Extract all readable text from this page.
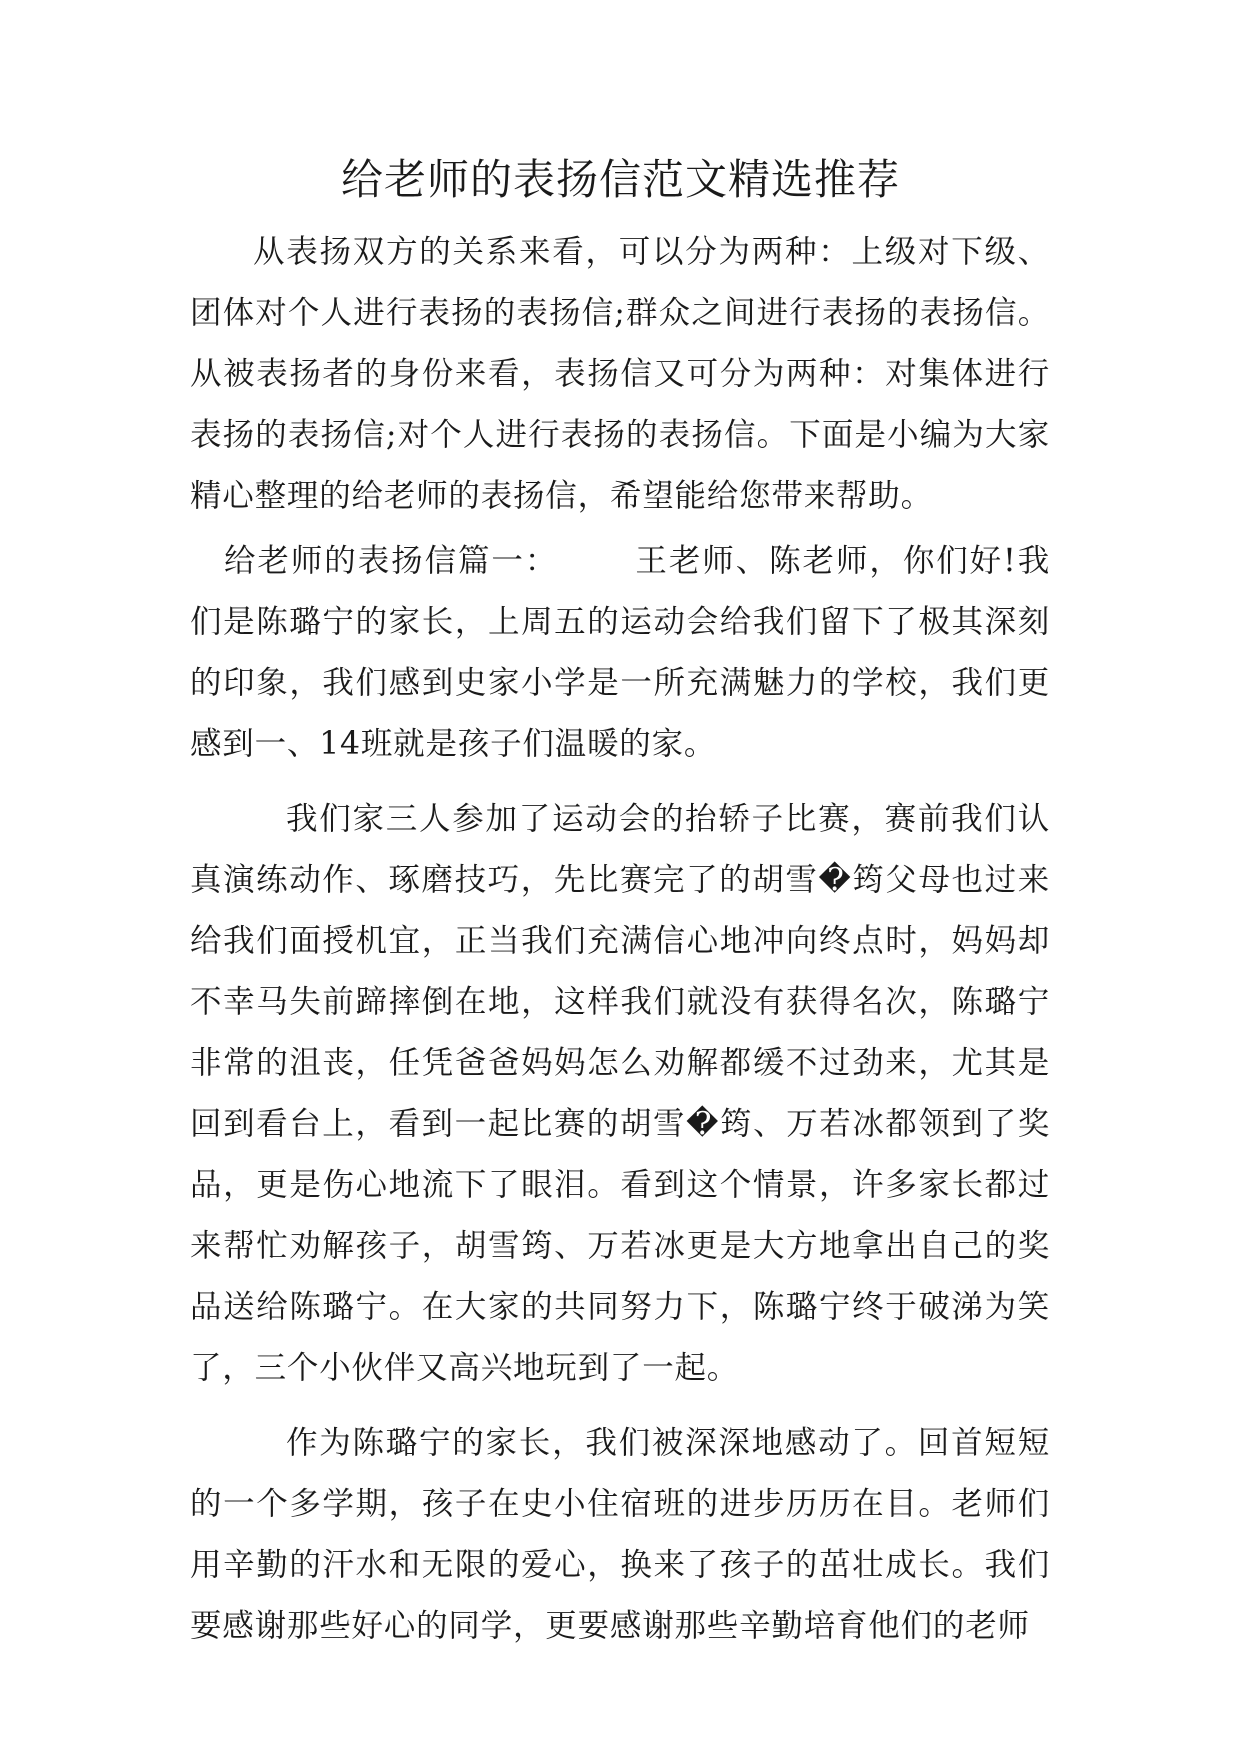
给老师的表扬信范文精选推荐

从表扬双方的关系来看，可以分为两种：上级对下级、团体对个人进行表扬的表扬信;群众之间进行表扬的表扬信。从被表扬者的身份来看，表扬信又可分为两种：对集体进行表扬的表扬信;对个人进行表扬的表扬信。下面是小编为大家精心整理的给老师的表扬信，希望能给您带来帮助。

给老师的表扬信篇一： 王老师、陈老师，你们好!我们是陈璐宁的家长，上周五的运动会给我们留下了极其深刻的印象，我们感到史家小学是一所充满魅力的学校，我们更感到一、14班就是孩子们温暖的家。

我们家三人参加了运动会的抬轿子比赛，赛前我们认真演练动作、琢磨技巧，先比赛完了的胡雪�筠父母也过来给我们面授机宜，正当我们充满信心地冲向终点时，妈妈却不幸马失前蹄摔倒在地，这样我们就没有获得名次，陈璐宁非常的沮丧，任凭爸爸妈妈怎么劝解都缓不过劲来，尤其是回到看台上，看到一起比赛的胡雪�筠、万若冰都领到了奖品，更是伤心地流下了眼泪。看到这个情景，许多家长都过来帮忙劝解孩子，胡雪筠、万若冰更是大方地拿出自己的奖品送给陈璐宁。在大家的共同努力下，陈璐宁终于破涕为笑了，三个小伙伴又高兴地玩到了一起。

作为陈璐宁的家长，我们被深深地感动了。回首短短的一个多学期，孩子在史小住宿班的进步历历在目。老师们用辛勤的汗水和无限的爱心，换来了孩子的茁壮成长。我们要感谢那些好心的同学，更要感谢那些辛勤培育他们的老师
